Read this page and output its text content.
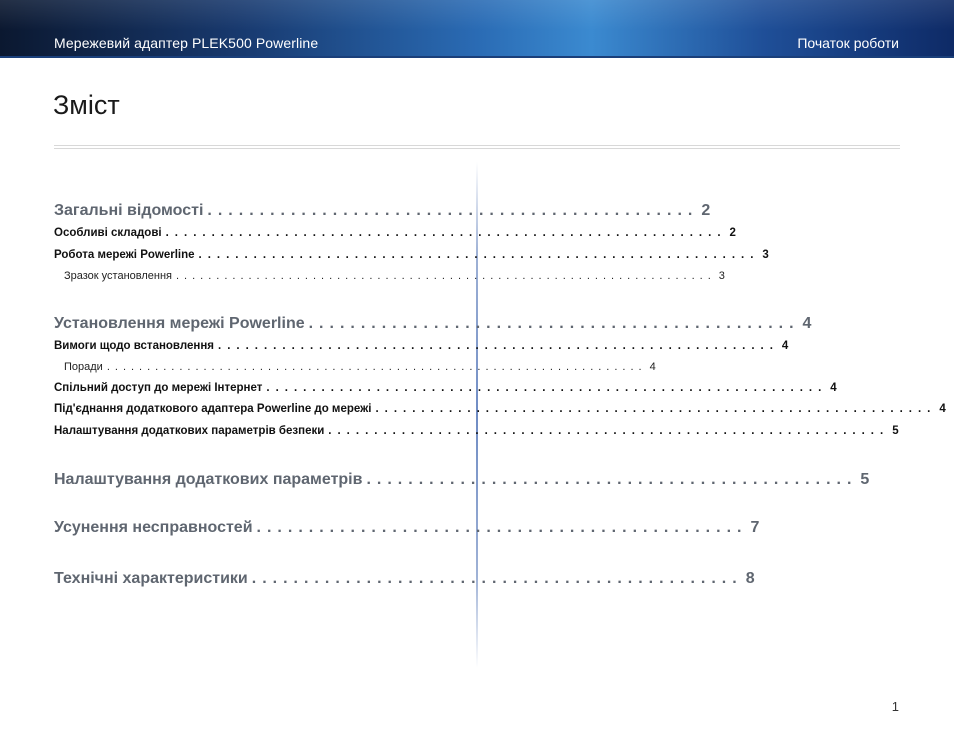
Мережевий адаптер PLEK500 Powerline	Початок роботи
Зміст
Загальні відомості ............................................... 2
Особливі складові ............................................................. 2
Робота мережі Powerline ............................................................. 3
Зразок установлення ................................................................... 3
Установлення мережі Powerline ............................................... 4
Вимоги щодо встановлення ............................................................. 4
Поради ................................................................... 4
Спільний доступ до мережі Інтернет ............................................................. 4
Під'єднання додаткового адаптера Powerline до мережі ............................................................. 4
Налаштування додаткових параметрів безпеки ............................................................. 5
Налаштування додаткових параметрів ............................................... 5
Усунення несправностей ............................................... 7
Технічні характеристики ............................................... 8
1
